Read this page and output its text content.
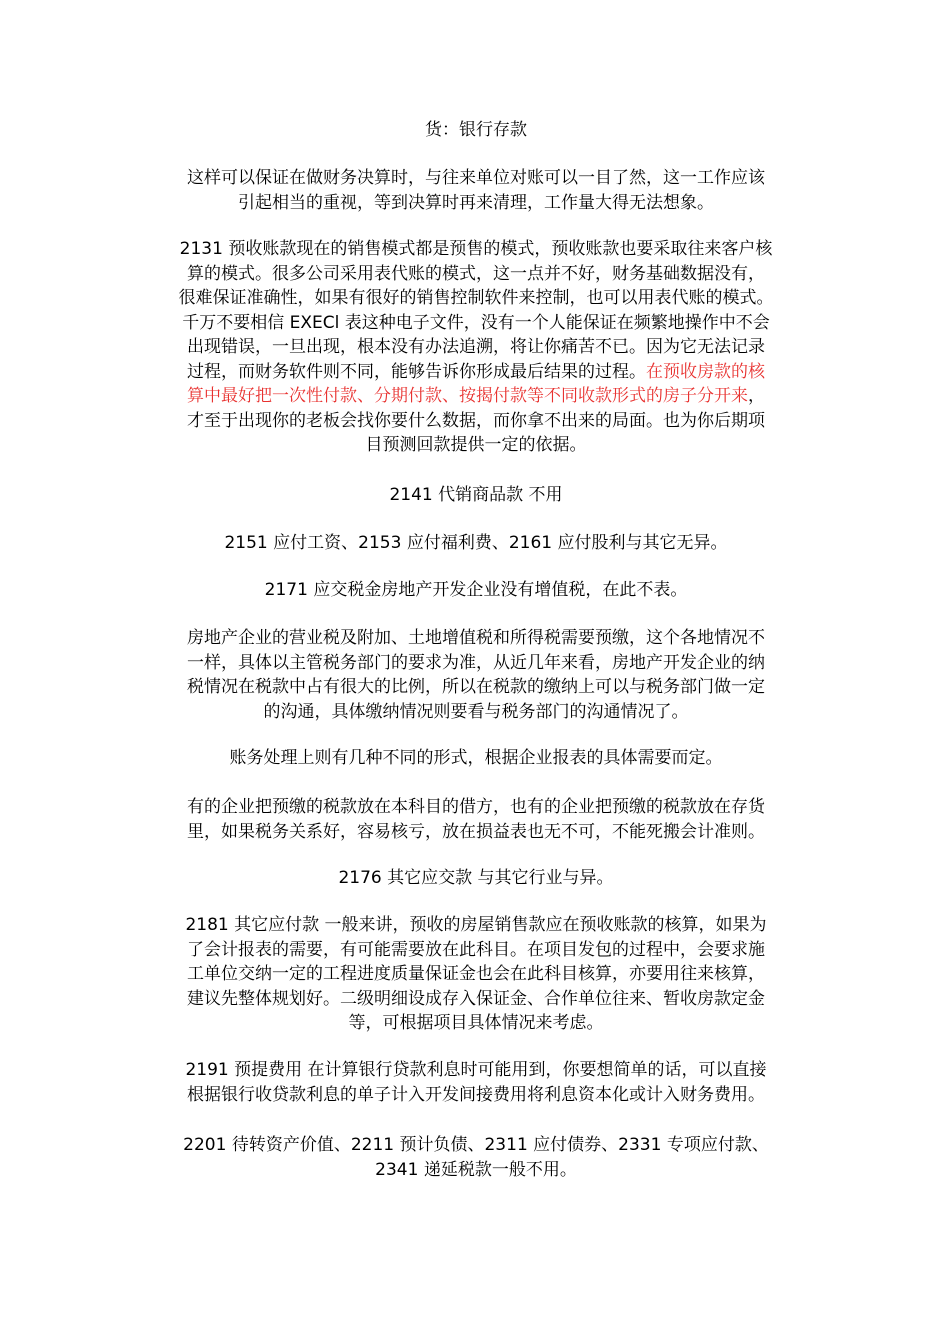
货：银行存款
这样可以保证在做财务决算时，与往来单位对账可以一目了然，这一工作应该
引起相当的重视，等到决算时再来清理，工作量大得无法想象。
2131 预收账款现在的销售模式都是预售的模式，预收账款也要采取往来客户核
算的模式。很多公司采用表代账的模式，这一点并不好，财务基础数据没有，
很难保证准确性，如果有很好的销售控制软件来控制，也可以用表代账的模式。
千万不要相信 EXECl 表这种电子文件，没有一个人能保证在频繁地操作中不会
出现错误，一旦出现，根本没有办法追溯，将让你痛苦不已。因为它无法记录
过程，而财务软件则不同，能够告诉你形成最后结果的过程。在预收房款的核
算中最好把一次性付款、分期付款、按揭付款等不同收款形式的房子分开来，
才至于出现你的老板会找你要什么数据，而你拿不出来的局面。也为你后期项
目预测回款提供一定的依据。
2141 代销商品款 不用
2151 应付工资、2153 应付福利费、2161 应付股利与其它无异。
2171 应交税金房地产开发企业没有增值税，在此不表。
房地产企业的营业税及附加、土地增值税和所得税需要预缴，这个各地情况不
一样，具体以主管税务部门的要求为准，从近几年来看，房地产开发企业的纳
税情况在税款中占有很大的比例，所以在税款的缴纳上可以与税务部门做一定
的沟通，具体缴纳情况则要看与税务部门的沟通情况了。
账务处理上则有几种不同的形式，根据企业报表的具体需要而定。
有的企业把预缴的税款放在本科目的借方，也有的企业把预缴的税款放在存货
里，如果税务关系好，容易核亏，放在损益表也无不可，不能死搬会计准则。
2176 其它应交款 与其它行业与异。
2181 其它应付款 一般来讲，预收的房屋销售款应在预收账款的核算，如果为
了会计报表的需要，有可能需要放在此科目。在项目发包的过程中，会要求施
工单位交纳一定的工程进度质量保证金也会在此科目核算，亦要用往来核算，
建议先整体规划好。二级明细设成存入保证金、合作单位往来、暂收房款定金
等，可根据项目具体情况来考虑。
2191 预提费用 在计算银行贷款利息时可能用到，你要想简单的话，可以直接
根据银行收贷款利息的单子计入开发间接费用将利息资本化或计入财务费用。
2201 待转资产价值、2211 预计负债、2311 应付债券、2331 专项应付款、
2341 递延税款一般不用。
